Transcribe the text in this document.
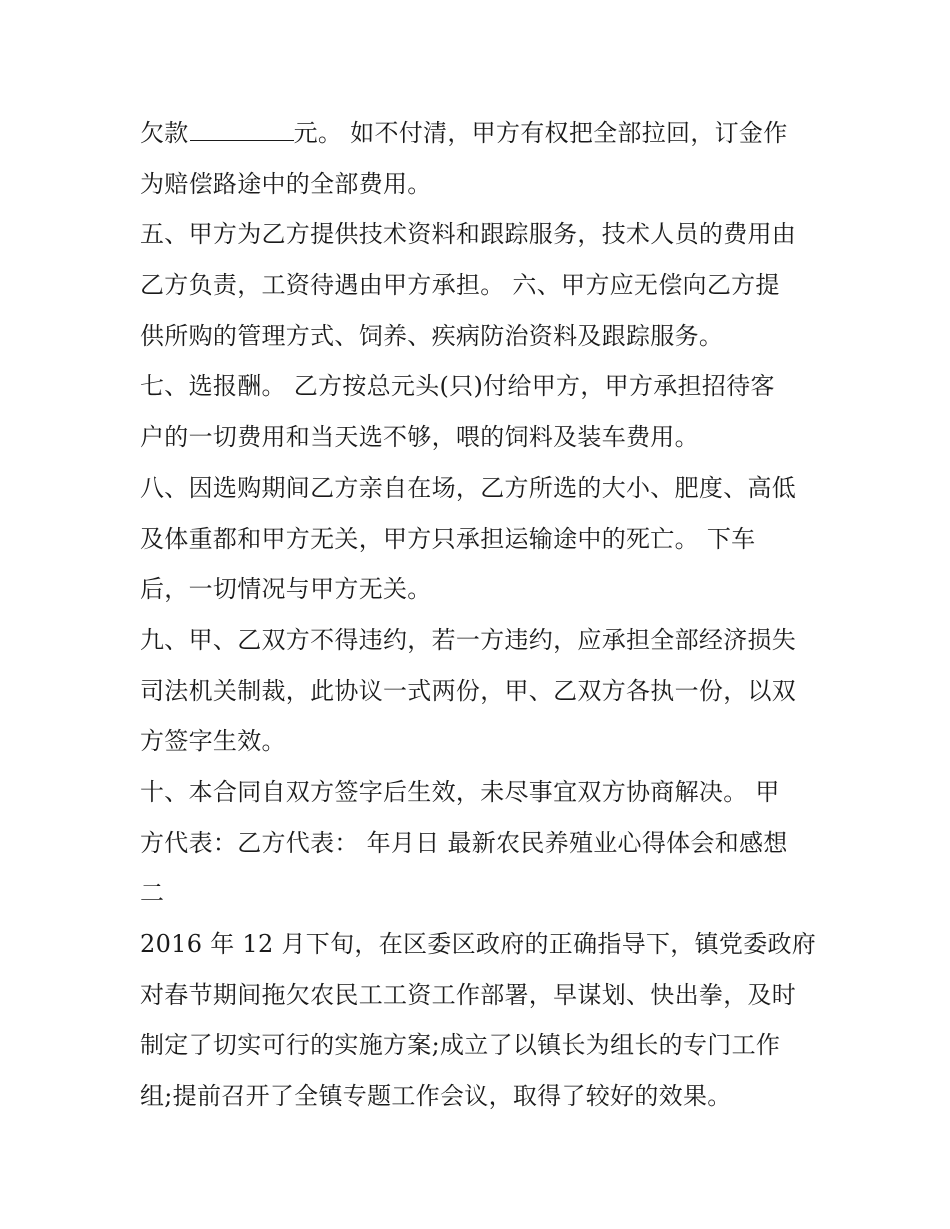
欠款	元。 如不付清，甲方有权把全部拉回，订金作
为赔偿路途中的全部费用。
五、甲方为乙方提供技术资料和跟踪服务，技术人员的费用由
乙方负责，工资待遇由甲方承担。 六、甲方应无偿向乙方提
供所购的管理方式、饲养、疾病防治资料及跟踪服务。
七、选报酬。 乙方按总元头(只)付给甲方，甲方承担招待客
户的一切费用和当天选不够，喂的饲料及装车费用。
八、因选购期间乙方亲自在场，乙方所选的大小、肥度、高低
及体重都和甲方无关，甲方只承担运输途中的死亡。 下车
后，一切情况与甲方无关。
九、甲、乙双方不得违约，若一方违约，应承担全部经济损失
司法机关制裁，此协议一式两份，甲、乙双方各执一份，以双
方签字生效。
十、本合同自双方签字后生效，未尽事宜双方协商解决。 甲
方代表：乙方代表： 年月日 最新农民养殖业心得体会和感想
二
2016 年 12 月下旬，在区委区政府的正确指导下，镇党委政府
对春节期间拖欠农民工工资工作部署，早谋划、快出拳，及时
制定了切实可行的实施方案;成立了以镇长为组长的专门工作
组;提前召开了全镇专题工作会议，取得了较好的效果。
